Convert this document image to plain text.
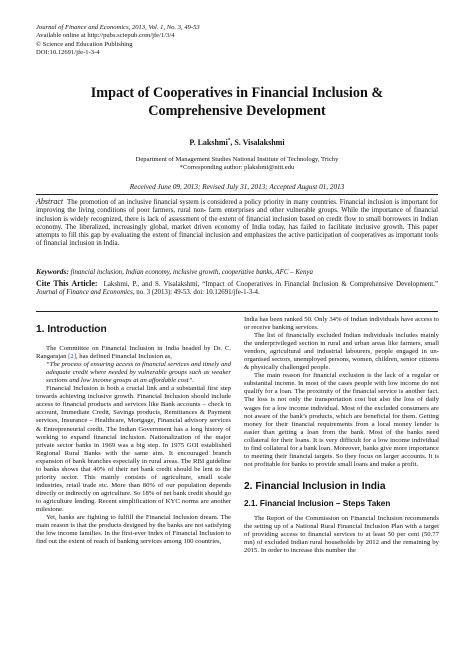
Journal of Finance and Economics, 2013, Vol. 1, No. 3, 49-53
Available online at http://pubs.sciepub.com/jfe/1/3/4
© Science and Education Publishing
DOI:10.12691/jfe-1-3-4
Impact of Cooperatives in Financial Inclusion &
Comprehensive Development
P. Lakshmi*, S. Visalakshmi
Department of Management Studies National Institute of Technology, Trichy
*Corresponding author: plakshmi@nitt.edu
Received June 09, 2013; Revised July 31, 2013; Accepted August 01, 2013
Abstract The promotion of an inclusive financial system is considered a policy priority in many countries. Financial inclusion is important for improving the living conditions of poor farmers, rural non- farm enterprises and other vulnerable groups. While the importance of financial inclusion is widely recognized, there is lack of assessment of the extent of financial inclusion based on credit flow to small borrowers in Indian economy. The liberalized, increasingly global, market driven economy of India today, has failed to facilitate inclusive growth. This paper attempts to fill this gap by evaluating the extent of financial inclusion and emphasizes the active participation of cooperatives as important tools of financial inclusion in India.
Keywords: financial inclusion, Indian economy, inclusive growth, cooperative banks, AFC – Kenya
Cite This Article: Lakshmi, P., and S. Visalakshmi, “Impact of Cooperatives in Financial Inclusion & Comprehensive Development.” Journal of Finance and Economics, no. 3 (2013): 49-53. doi: 10.12691/jfe-1-3-4.
1. Introduction

The Committee on Financial Inclusion in India headed by Dr. C. Rangarajan [2], has defined Financial Inclusion as,

“The process of ensuring access to financial services and timely and adequate credit where needed by vulnerable groups such as weaker sections and low income groups at an affordable cost”.

Financial Inclusion is both a crucial link and a substantial first step towards achieving inclusive growth. Financial Inclusion should include access to financial products and services like Bank accounts – check in account, Immediate Credit, Savings products, Remittances & Payment services, Insurance – Healthcare, Mortgage, Financial advisory services & Entrepreneurial credit. The Indian Government has a long history of working to expand financial inclusion. Nationalization of the major private sector banks in 1969 was a big step. In 1975 GOI established Regional Rural Banks with the same aim. It encouraged branch expansion of bank branches especially in rural areas. The RBI guideline to banks shows that 40% of their net bank credit should be lent to the priority sector. This mainly consists of agriculture, small scale industries, retail trade etc. More than 80% of our population depends directly or indirectly on agriculture. So 18% of net bank credit should go to agriculture lending. Recent simplification of KYC norms are another milestone.

Yet, banks are fighting to fulfill the Financial Inclusion dream. The main reason is that the products designed by the banks are not satisfying the low income families. In the first-ever Index of Financial Inclusion to find out the extent of reach of banking services among 100 countries,

India has been ranked 50. Only 34% of Indian individuals have access to or receive banking services.

The list of financially excluded Indian individuals includes mainly the underprivileged section in rural and urban areas like farmers, small vendors, agricultural and industrial labourers, people engaged in un-organised sectors, unemployed persons, women, children, senior citizens & physically challenged people.

The main reason for financial exclusion is the lack of a regular or substantial income. In most of the cases people with low income do not qualify for a loan. The proximity of the financial service is another fact. The loss is not only the transportation cost but also the loss of daily wages for a low income individual. Most of the excluded consumers are not aware of the bank’s products, which are beneficial for them. Getting money for their financial requirements from a local money lender is easier than getting a loan from the bank. Most of the banks need collateral for their loans. It is very difficult for a low income individual to find collateral for a bank loan. Moreover, banks give more importance to meeting their financial targets. So they focus on larger accounts. It is not profitable for banks to provide small loans and make a profit.

2. Financial Inclusion in India
2.1. Financial Inclusion – Steps Taken

The Report of the Commission on Financial Inclusion recommends the setting up of a National Rural Financial Inclusion Plan with a target of providing access to financial services to at least 50 per cent (50.77 mn) of excluded Indian rural households by 2012 and the remaining by 2015. In order to increase this number the
